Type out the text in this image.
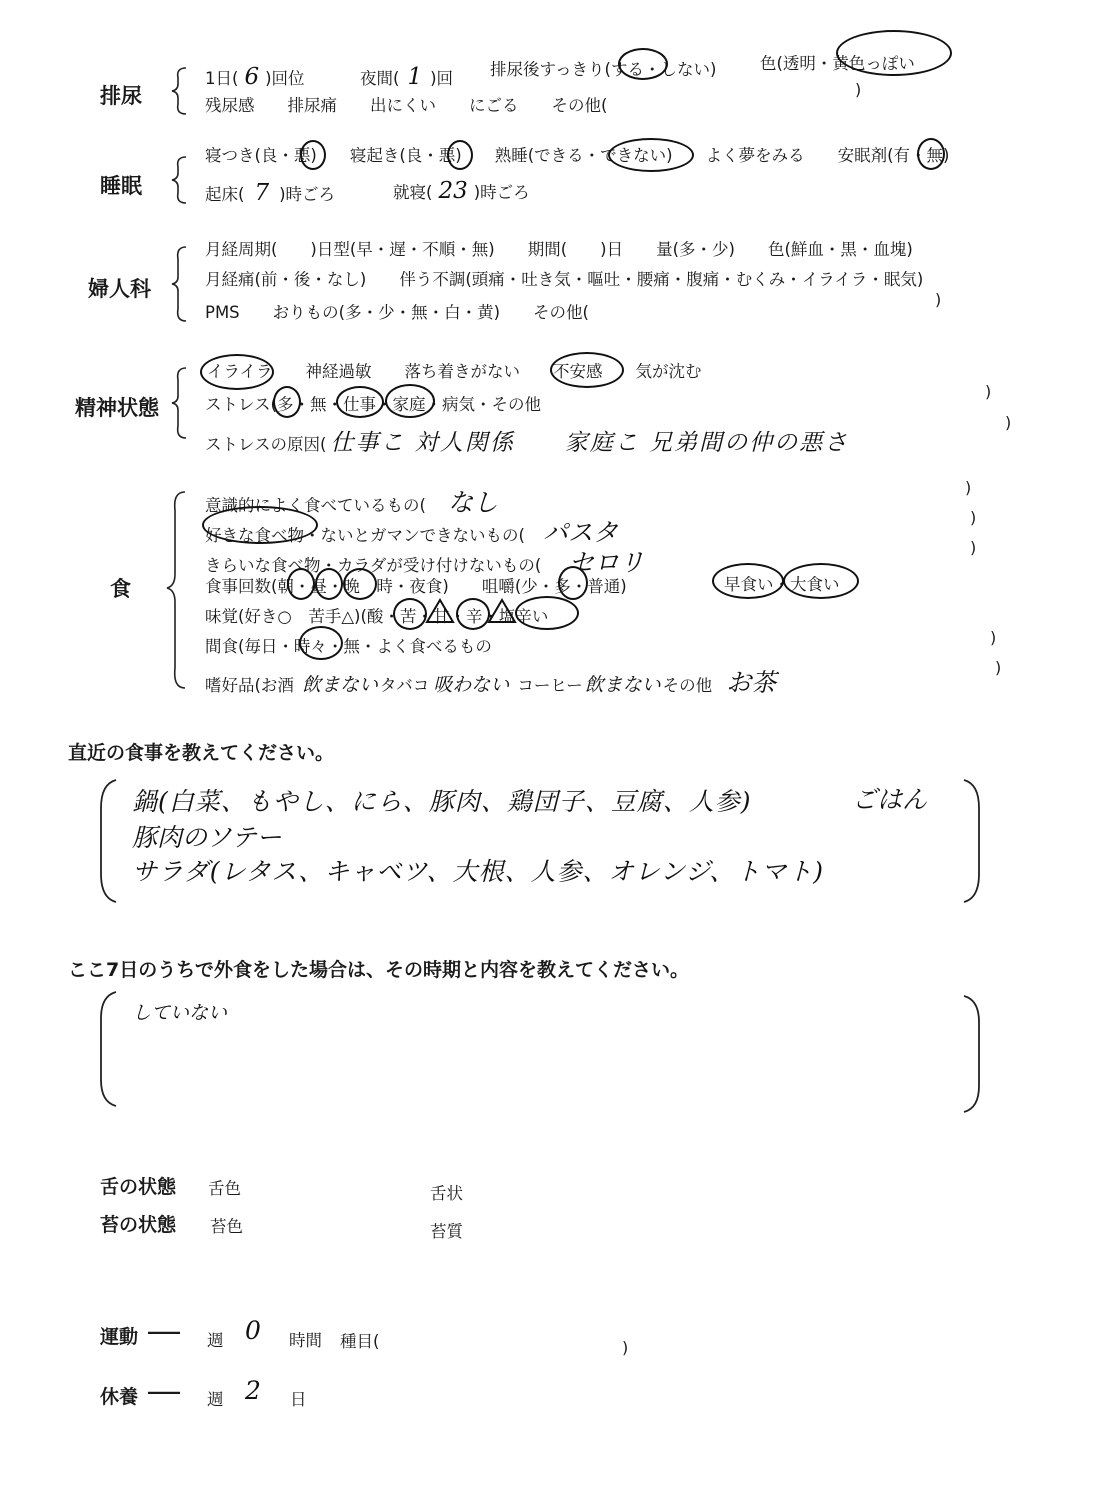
排尿
1日( 6 )回位	夜間( 1 )回 排尿後すっきり(する・しない)	色(透明・黄色っぽい
残尿感　　排尿痛　　出にくい　　にごる　　その他(
)
睡眠
寝つき(良・悪)　　寝起き(良・悪)　　熟睡(できる・できない)　　よく夢をみる　　安眠剤(有・無)
起床( 7 )時ごろ	就寝( 23 )時ごろ
婦人科
月経周期(　　)日型(早・遅・不順・無)　　期間(　　)日　　量(多・少)　　色(鮮血・黒・血塊)
月経痛(前・後・なし)　　伴う不調(頭痛・吐き気・嘔吐・腰痛・腹痛・むくみ・イライラ・眠気)
PMS　　おりもの(多・少・無・白・黄)　　その他(
)
精神状態
イライラ　　神経過敏　　落ち着きがない　　不安感　　気が沈む
)
ストレス(多・無・仕事・家庭・病気・その他
ストレスの原因( 仕事こ 対人関係　　家庭こ 兄弟間の仲の悪さ
)
食
意識的によく食べているもの( なし
)
好きな食べ物・ないとガマンできないもの( パスタ
)
きらいな食べ物・カラダが受け付けないもの( セロリ
)
食事回数(朝・昼・晩　時・夜食)　　咀嚼(少・多・普通)	早食い・大食い
味覚(好き○　苦手△)(酸・苦・甘・辛・塩辛い
間食(毎日・時々・無・よく食べるもの	)
嗜好品(お酒 飲まない タバコ 吸わない コーヒー 飲まない その他 お茶
)
直近の食事を教えてください。
鍋(白菜、もやし、にら、豚肉、鶏団子、豆腐、人参)	ごはん
豚肉のソテー
サラダ(レタス、キャベツ、大根、人参、オレンジ、トマト)
ここ7日のうちで外食をした場合は、その時期と内容を教えてください。
していない
舌の状態 舌色	舌状
苔の状態 苔色	苔質
運動 —— 週 0 時間 種目(	)
休養 —— 週 2 日
